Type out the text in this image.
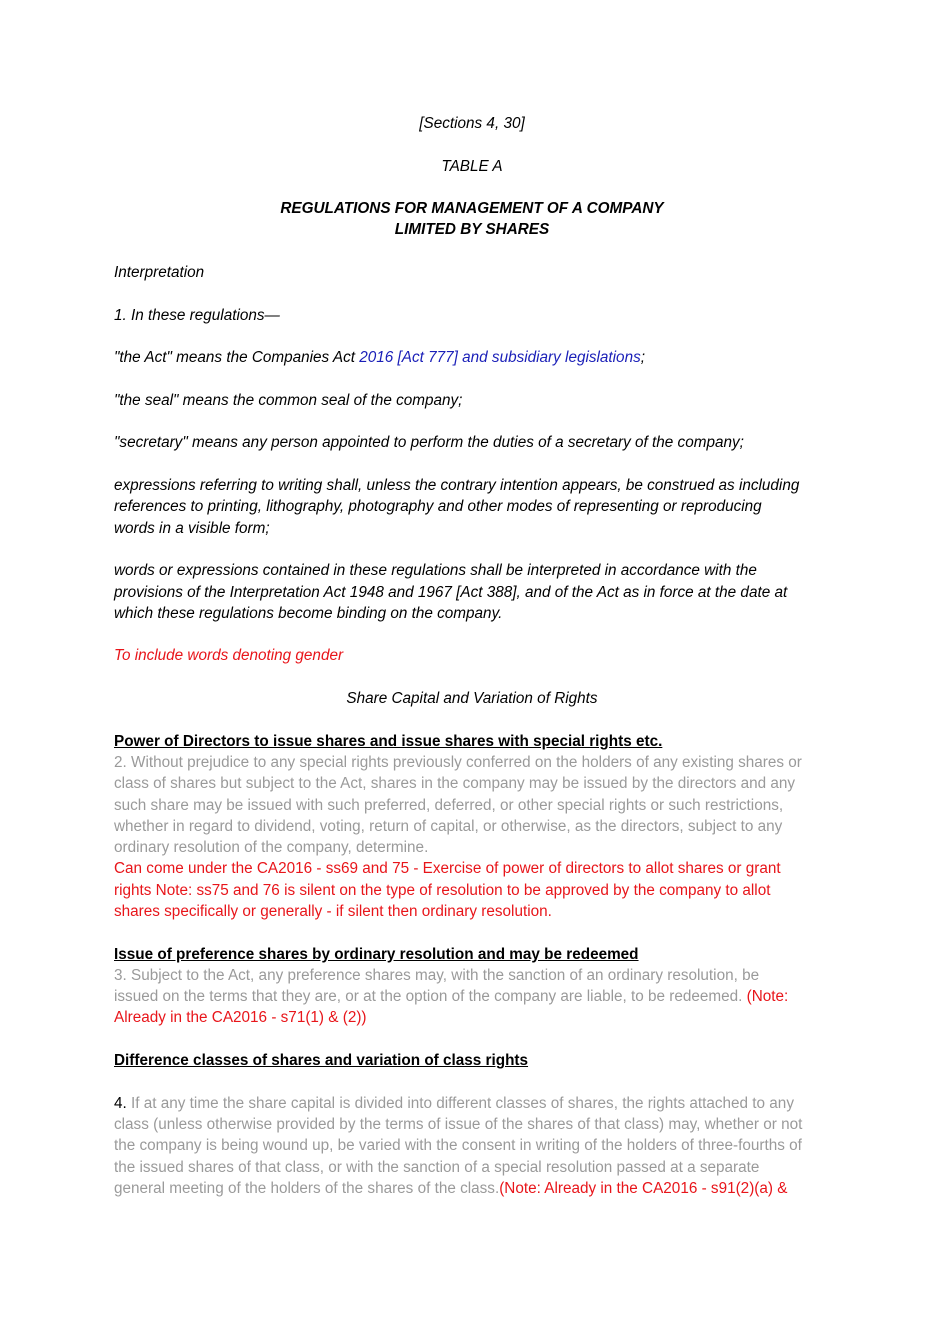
[Sections 4, 30]

TABLE A

REGULATIONS FOR MANAGEMENT OF A COMPANY

LIMITED BY SHARES

Interpretation

1. In these regulations—

"the Act" means the Companies Act 2016 [Act 777] and subsidiary legislations;

"the seal" means the common seal of the company;

"secretary" means any person appointed to perform the duties of a secretary of the company;

expressions referring to writing shall, unless the contrary intention appears, be construed as including

references to printing, lithography, photography and other modes of representing or reproducing

words in a visible form;

words or expressions contained in these regulations shall be interpreted in accordance with the

provisions of the Interpretation Act 1948 and 1967 [Act 388], and of the Act as in force at the date at

which these regulations become binding on the company.

To include words denoting gender

Share Capital and Variation of Rights

Power of Directors to issue shares and issue shares with special rights etc.

2. Without prejudice to any special rights previously conferred on the holders of any existing shares or

class of shares but subject to the Act, shares in the company may be issued by the directors and any

such share may be issued with such preferred, deferred, or other special rights or such restrictions,

whether in regard to dividend, voting, return of capital, or otherwise, as the directors, subject to any

ordinary resolution of the company, determine.

Can come under the CA2016 - ss69 and 75 - Exercise of power of directors to allot shares or grant

rights Note: ss75 and 76 is silent on the type of resolution to be approved by the company to allot

shares specifically or generally - if silent then ordinary resolution.

Issue of preference shares by ordinary resolution and may be redeemed

3. Subject to the Act, any preference shares may, with the sanction of an ordinary resolution, be

issued on the terms that they are, or at the option of the company are liable, to be redeemed. (Note:

Already in the CA2016 - s71(1) & (2))

Difference classes of shares and variation of class rights

4. If at any time the share capital is divided into different classes of shares, the rights attached to any

class (unless otherwise provided by the terms of issue of the shares of that class) may, whether or not

the company is being wound up, be varied with the consent in writing of the holders of three-fourths of

the issued shares of that class, or with the sanction of a special resolution passed at a separate

general meeting of the holders of the shares of the class.(Note: Already in the CA2016 - s91(2)(a) &
